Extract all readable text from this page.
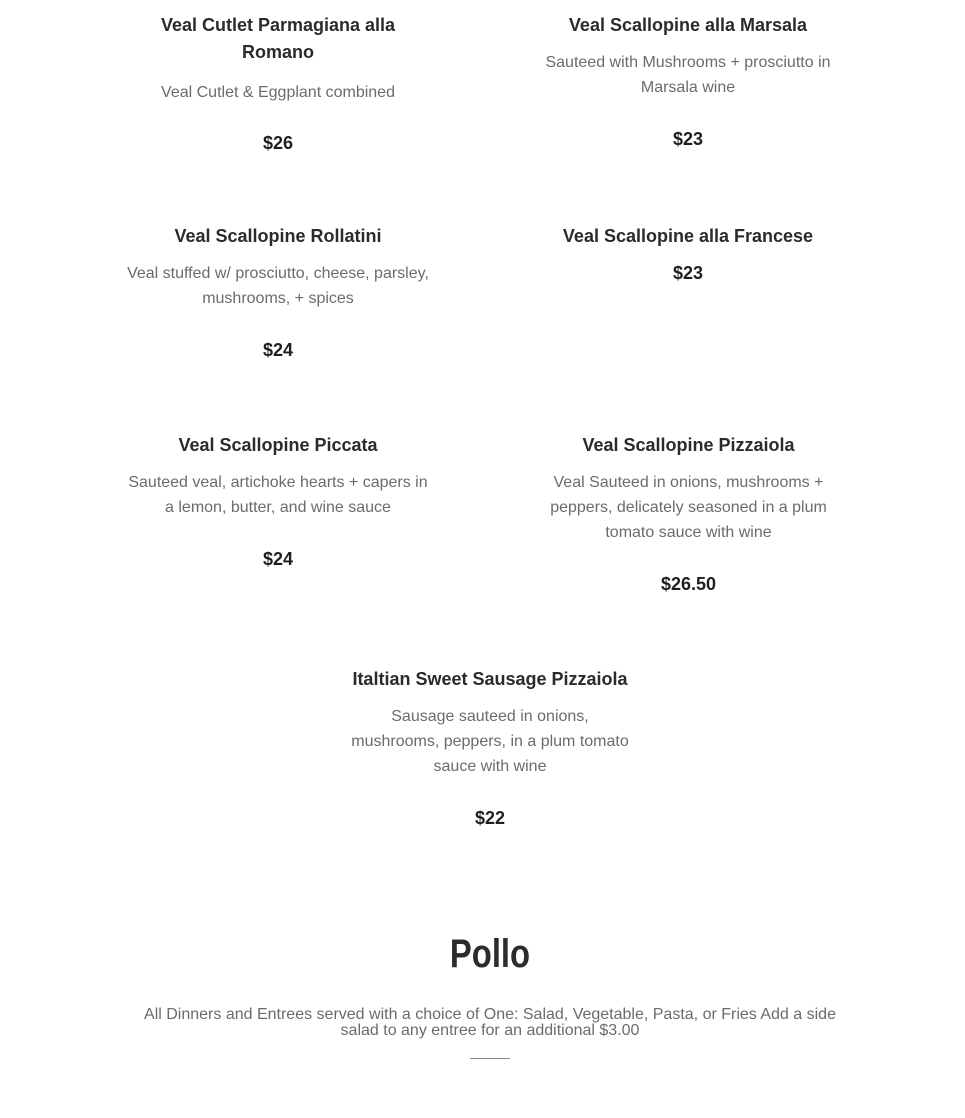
Veal Cutlet Parmagiana alla Romano

Veal Cutlet & Eggplant combined

$26

Veal Scallopine alla Marsala

Sauteed with Mushrooms + prosciutto in Marsala wine

$23

Veal Scallopine Rollatini

Veal stuffed w/ prosciutto, cheese, parsley, mushrooms, + spices

$24

Veal Scallopine alla Francese

$23

Veal Scallopine Piccata

Sauteed veal, artichoke hearts + capers in a lemon, butter, and wine sauce

$24

Veal Scallopine Pizzaiola

Veal Sauteed in onions, mushrooms + peppers, delicately seasoned in a plum tomato sauce with wine

$26.50

Italtian Sweet Sausage Pizzaiola

Sausage sauteed in onions, mushrooms, peppers, in a plum tomato sauce with wine

$22

Pollo
All Dinners and Entrees served with a choice of One: Salad, Vegetable, Pasta, or Fries Add a side salad to any entree for an additional $3.00
